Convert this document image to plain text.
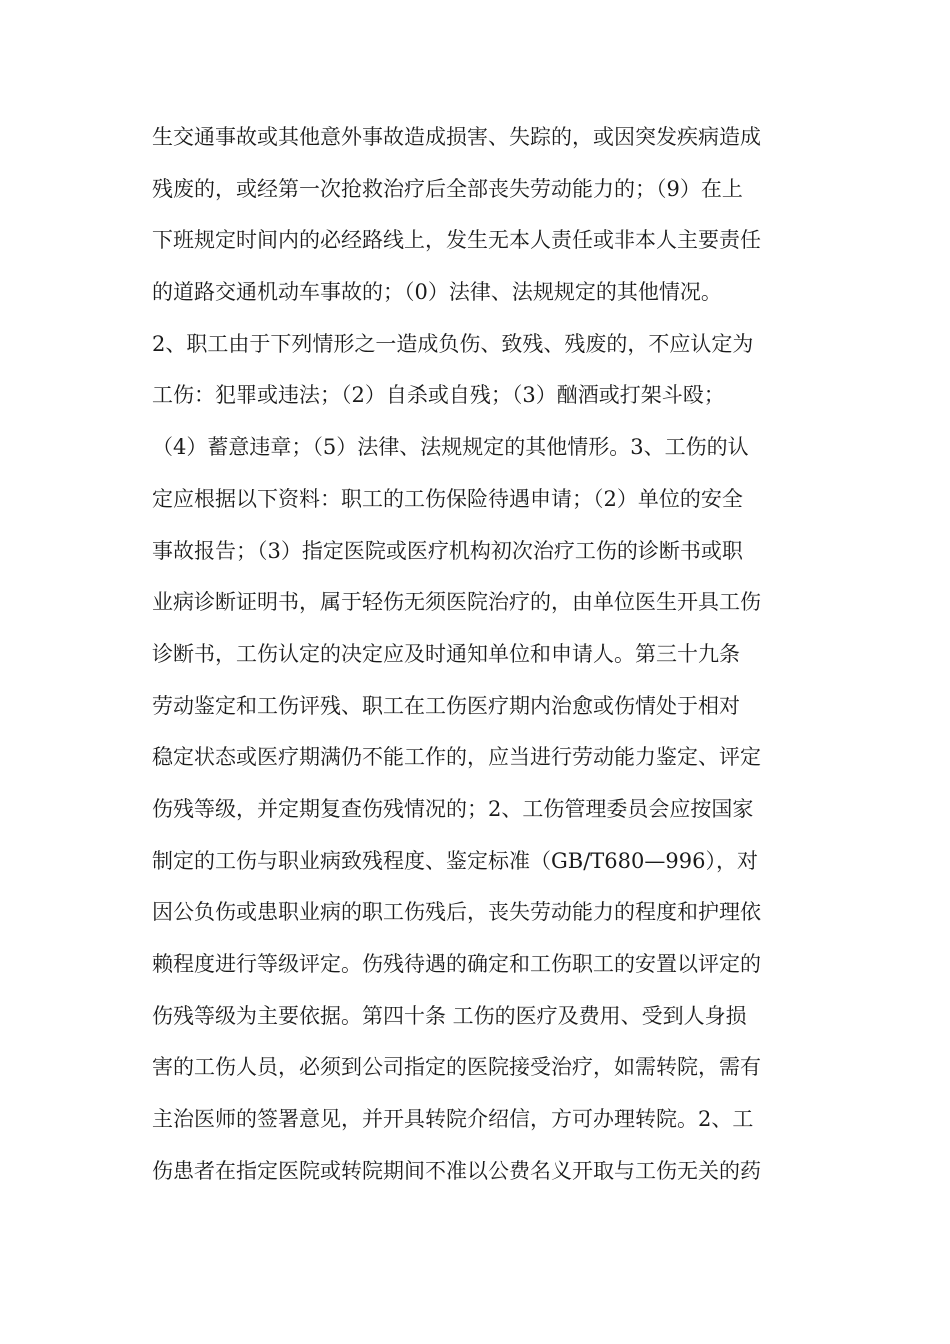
生交通事故或其他意外事故造成损害、失踪的，或因突发疾病造成
残废的，或经第一次抢救治疗后全部丧失劳动能力的；（9）在上
下班规定时间内的必经路线上，发生无本人责任或非本人主要责任
的道路交通机动车事故的；（0）法律、法规规定的其他情况。
2、职工由于下列情形之一造成负伤、致残、残废的，不应认定为
工伤：犯罪或违法；（2）自杀或自残；（3）酗酒或打架斗殴；
（4）蓄意违章；（5）法律、法规规定的其他情形。3、工伤的认
定应根据以下资料：职工的工伤保险待遇申请；（2）单位的安全
事故报告；（3）指定医院或医疗机构初次治疗工伤的诊断书或职
业病诊断证明书，属于轻伤无须医院治疗的，由单位医生开具工伤
诊断书，工伤认定的决定应及时通知单位和申请人。第三十九条
劳动鉴定和工伤评残、职工在工伤医疗期内治愈或伤情处于相对
稳定状态或医疗期满仍不能工作的，应当进行劳动能力鉴定、评定
伤残等级，并定期复查伤残情况的；2、工伤管理委员会应按国家
制定的工伤与职业病致残程度、鉴定标准（GB/T680—996），对
因公负伤或患职业病的职工伤残后，丧失劳动能力的程度和护理依
赖程度进行等级评定。伤残待遇的确定和工伤职工的安置以评定的
伤残等级为主要依据。第四十条 工伤的医疗及费用、受到人身损
害的工伤人员，必须到公司指定的医院接受治疗，如需转院，需有
主治医师的签署意见，并开具转院介绍信，方可办理转院。2、工
伤患者在指定医院或转院期间不准以公费名义开取与工伤无关的药
